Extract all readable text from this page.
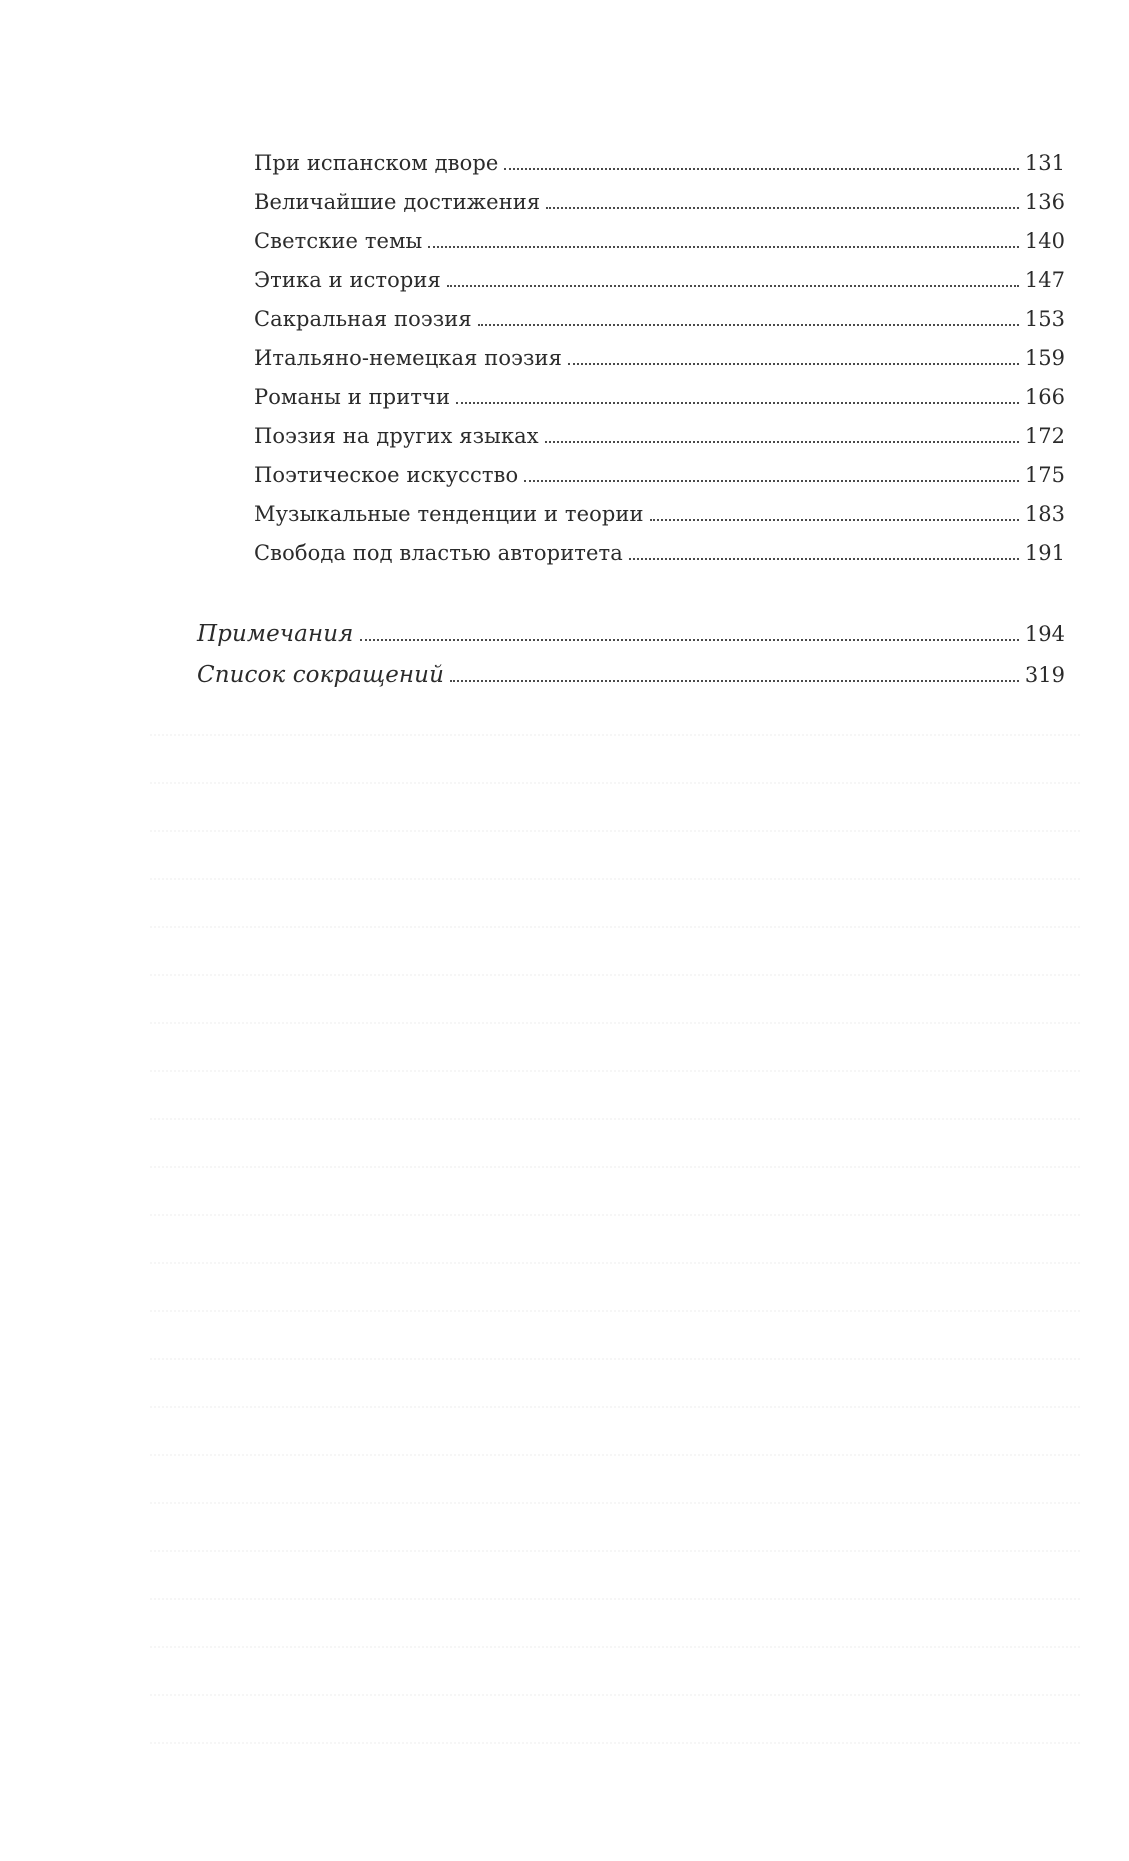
При испанском дворе	131
Величайшие достижения	136
Светские темы	140
Этика и история	147
Сакральная поэзия	153
Итальяно-немецкая поэзия	159
Романы и притчи	166
Поэзия на других языках	172
Поэтическое искусство	175
Музыкальные тенденции и теории	183
Свобода под властью авторитета	191
Примечания	194
Список сокращений	319
